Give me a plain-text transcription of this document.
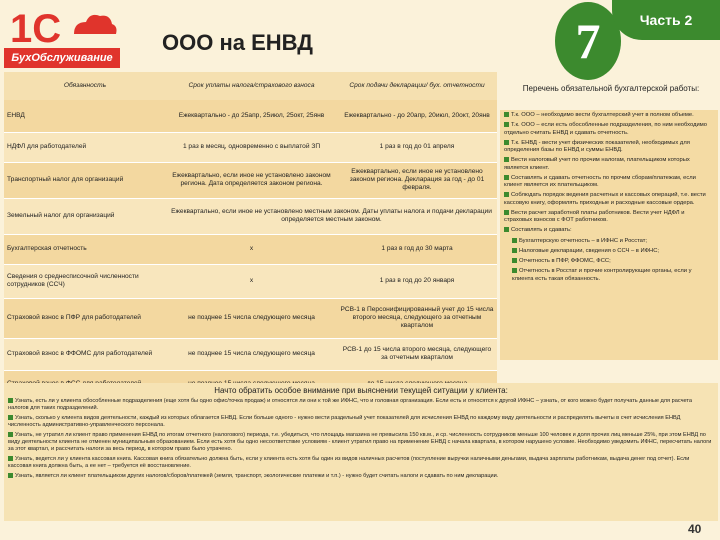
1С
БухОбслуживание
ООО на ЕНВД	7	Часть 2
Обязанность	Срок уплаты налога/страхового взноса	Срок подачи декларации/ бух. отчетности
ЕНВД	Ежеквартально - до 25апр, 25июл, 25окт, 25янв	Ежеквартально - до 20апр, 20июл, 20окт, 20янв
НДФЛ для работодателей	1 раз в месяц, одновременно с выплатой ЗП	1 раз в год до 01 апреля
Транспортный налог для организаций	Ежеквартально, если иное не установлено законом региона. Дата определяется законом региона.	Ежеквартально, если иное не установлено законом региона. Декларация за год - до 01 февраля.
Земельный налог для организаций	Ежеквартально, если иное не установлено местным законом. Даты уплаты налога и подачи декларации определяется местным законом.	
Бухгалтерская отчетность	x	1 раз в год до 30 марта
Сведения о среднесписочной численности сотрудников (ССЧ)	x	1 раз в год до 20 января
Страховой взнос в ПФР для работодателей	не позднее 15 числа следующего месяца	РСВ-1 в Персонифицированный учет до 15 числа второго месяца, следующего за отчетным кварталом
Страховой взнос в ФФОМС для работодателей	не позднее 15 числа следующего месяца	РСВ-1 до 15 числа второго месяца, следующего за отчетным кварталом

Перечень обязательной бухгалтерской работы:
Т.к. ООО – необходимо вести бухгалтерский учет в полном объеме.
Т.к. ООО – если есть обособленные подразделения, по ним необходимо отдельно считать ЕНВД и сдавать отчетность.
Т.к. ЕНВД - вести учет физических показателей, необходимых для определения базы по ЕНВД и суммы ЕНВД.
Вести налоговый учет по прочим налогам, плательщиком которых является клиент.
Составлять и сдавать отчетность по прочим сборам/платежам, если клиент является их плательщиком.
Соблюдать порядок ведения расчетных и кассовых операций, т.е. вести кассовую книгу, оформлять приходные и расходные кассовые ордера.
Вести расчет заработной платы работников. Вести учет НДФЛ и страховых взносов с ФОТ работников.
Составлять и сдавать:
Бухгалтерскую отчетность – в ИФНС и Росстат;
Налоговые декларации, сведения о ССЧ – в ИФНС;
Отчетность в ПФР, ФФОМС, ФСС;
Отчетность в Росстат и прочие контролирующие органы, если у клиента есть такая обязанность.
Начто обратить особое внимание при выяснении текущей ситуации у клиента:

Узнать, есть ли у клиента обособленные подразделения (еще хотя бы одно офис/точка продаж) и относятся ли они к той же ИФНС, что и головная организация. Если есть и относятся к другой ИФНС – узнать, от кого можно будет получать данные для расчета налогов для таких подразделений.

Узнать, сколько у клиента видов деятельности, каждый из которых облагается ЕНВД. Если больше одного - нужно вести раздельный учет показателей для исчисления ЕНВД по каждому виду деятельности и распределять вычеты в счет исчисления ЕНВД численность административно-управленческого персонала.

Узнать, не утратил ли клиент право применения ЕНВД по итогам отчетного (налогового) периода, т.е. убедиться, что площадь магазина не превысила 150 кв.м., и ср. численность сотрудников меньше 100 человек и доля прочих лиц меньше 25%, при этом ЕНВД по виду деятельности клиента не отменен муниципальным образованием. Если есть хотя бы одно несоответствие условиям - клиент утратил право на применение ЕНВД с начала квартала, в котором нарушено условие. Необходимо уведомить ИФНС, пересчитать налоги за этот квартал, и рассчитать налоги за весь период, в котором право было утрачено.

Узнать, ведется ли у клиента кассовая книга. Кассовая книга обязательно должна быть, если у клиента есть хотя бы один из видов наличных расчетов (поступление выручки наличными деньгами, выдача зарплаты работникам, выдача денег под отчет). Если кассовая книга должна быть, а ее нет – требуется её восстановление.

Узнать, является ли клиент плательщиком других налогов/сборов/платежей (земля, транспорт, экологические платежи и т.п.) - нужно будет считать налоги и сдавать по ним декларации.

40
